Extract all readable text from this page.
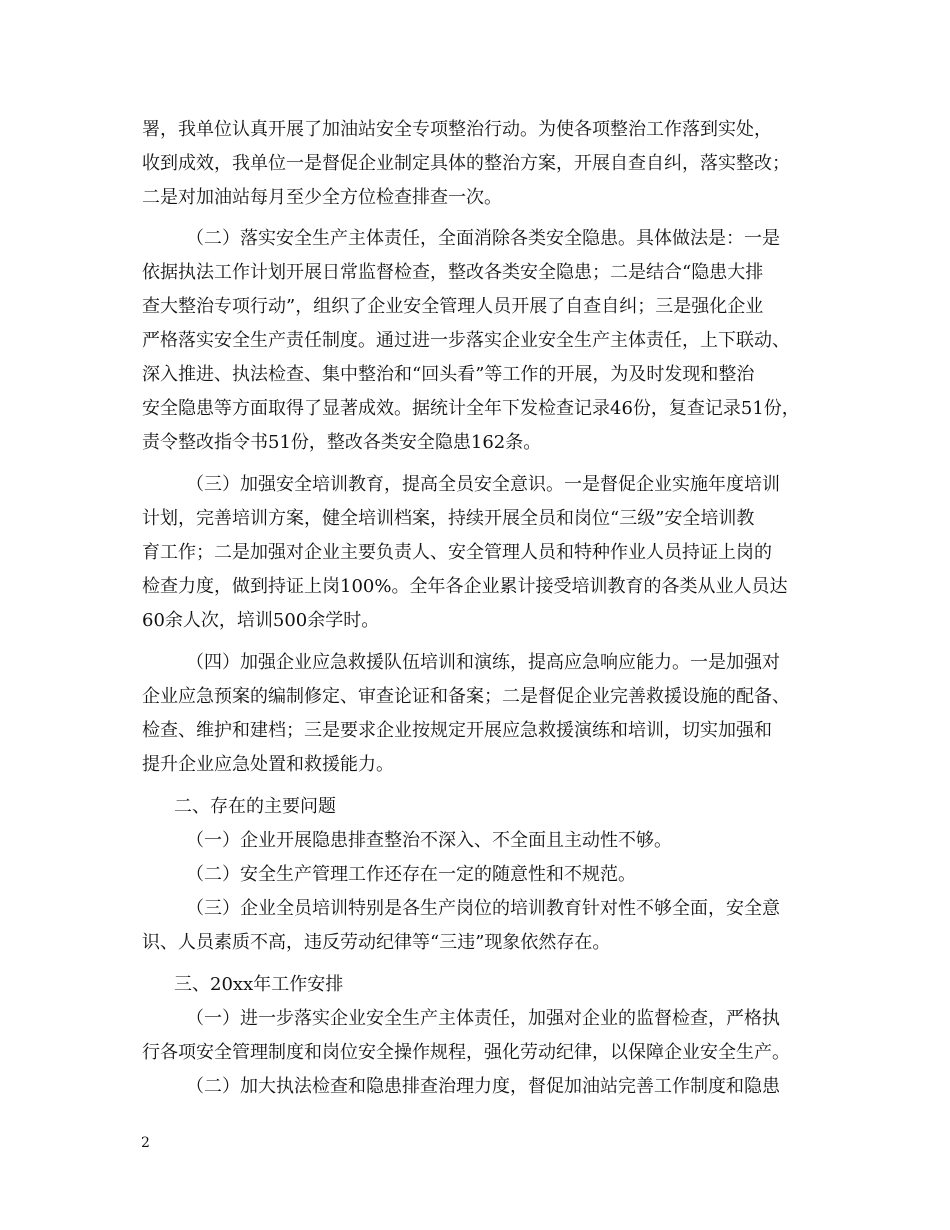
署，我单位认真开展了加油站安全专项整治行动。为使各项整治工作落到实处，
收到成效，我单位一是督促企业制定具体的整治方案，开展自查自纠，落实整改；
二是对加油站每月至少全方位检查排查一次。
（二）落实安全生产主体责任，全面消除各类安全隐患。具体做法是：一是
依据执法工作计划开展日常监督检查，整改各类安全隐患；二是结合“隐患大排
查大整治专项行动”，组织了企业安全管理人员开展了自查自纠；三是强化企业
严格落实安全生产责任制度。通过进一步落实企业安全生产主体责任，上下联动、
深入推进、执法检查、集中整治和“回头看”等工作的开展，为及时发现和整治
安全隐患等方面取得了显著成效。据统计全年下发检查记录46份，复查记录51份，
责令整改指令书51份，整改各类安全隐患162条。
（三）加强安全培训教育，提高全员安全意识。一是督促企业实施年度培训
计划，完善培训方案，健全培训档案，持续开展全员和岗位“三级”安全培训教
育工作；二是加强对企业主要负责人、安全管理人员和特种作业人员持证上岗的
检查力度，做到持证上岗100%。全年各企业累计接受培训教育的各类从业人员达
60余人次，培训500余学时。
（四）加强企业应急救援队伍培训和演练，提高应急响应能力。一是加强对
企业应急预案的编制修定、审查论证和备案；二是督促企业完善救援设施的配备、
检查、维护和建档；三是要求企业按规定开展应急救援演练和培训，切实加强和
提升企业应急处置和救援能力。
二、存在的主要问题
（一）企业开展隐患排查整治不深入、不全面且主动性不够。
（二）安全生产管理工作还存在一定的随意性和不规范。
（三）企业全员培训特别是各生产岗位的培训教育针对性不够全面，安全意
识、人员素质不高，违反劳动纪律等“三违”现象依然存在。
三、20xx年工作安排
（一）进一步落实企业安全生产主体责任，加强对企业的监督检查，严格执
行各项安全管理制度和岗位安全操作规程，强化劳动纪律，以保障企业安全生产。
（二）加大执法检查和隐患排查治理力度，督促加油站完善工作制度和隐患
2
